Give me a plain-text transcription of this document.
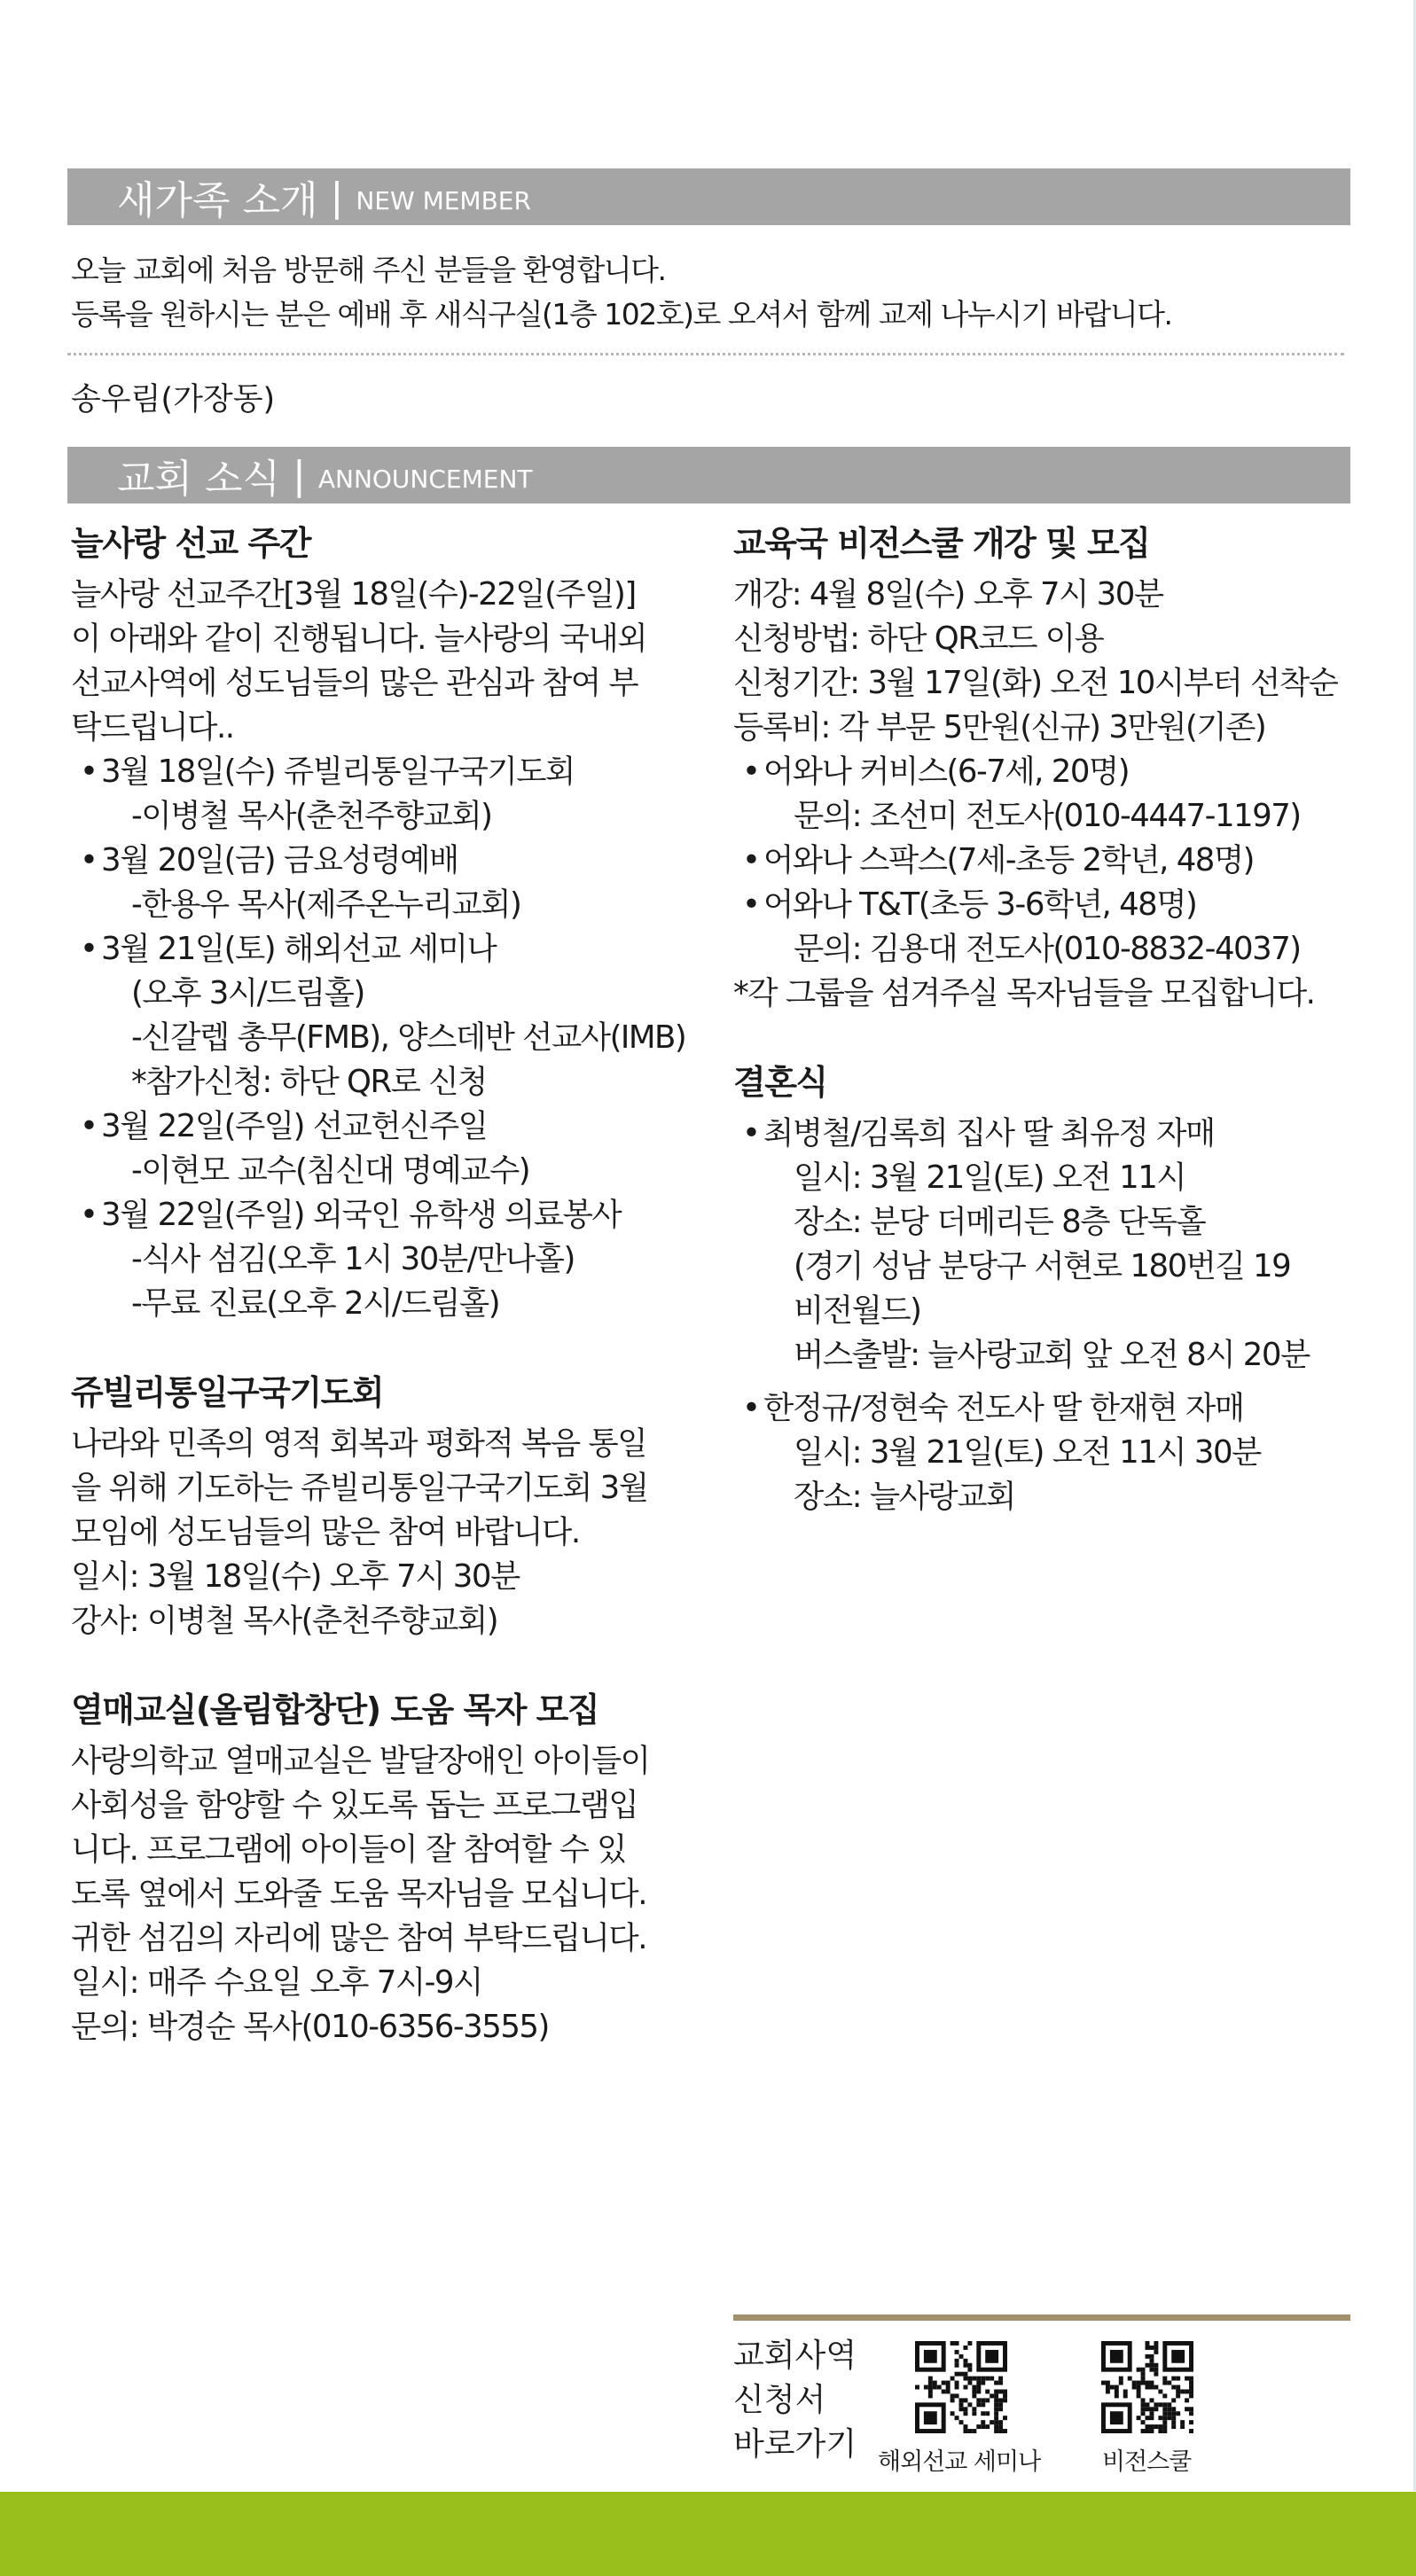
새가족 소개 | NEW MEMBER
오늘 교회에 처음 방문해 주신 분들을 환영합니다.
등록을 원하시는 분은 예배 후 새식구실(1층 102호)로 오셔서 함께 교제 나누시기 바랍니다.
송우림(가장동)
교회 소식 | ANNOUNCEMENT
늘사랑 선교 주간
늘사랑 선교주간[3월 18일(수)-22일(주일)]
이 아래와 같이 진행됩니다. 늘사랑의 국내외
선교사역에 성도님들의 많은 관심과 참여 부
탁드립니다..
• 3월 18일(수) 쥬빌리통일구국기도회
-이병철 목사(춘천주향교회)
• 3월 20일(금) 금요성령예배
-한용우 목사(제주온누리교회)
• 3월 21일(토) 해외선교 세미나
(오후 3시/드림홀)
-신갈렙 총무(FMB), 양스데반 선교사(IMB)
*참가신청: 하단 QR로 신청
• 3월 22일(주일) 선교헌신주일
-이현모 교수(침신대 명예교수)
• 3월 22일(주일) 외국인 유학생 의료봉사
-식사 섬김(오후 1시 30분/만나홀)
-무료 진료(오후 2시/드림홀)
쥬빌리통일구국기도회
나라와 민족의 영적 회복과 평화적 복음 통일
을 위해 기도하는 쥬빌리통일구국기도회 3월
모임에 성도님들의 많은 참여 바랍니다.
일시: 3월 18일(수) 오후 7시 30분
강사: 이병철 목사(춘천주향교회)
열매교실(올림합창단) 도움 목자 모집
사랑의학교 열매교실은 발달장애인 아이들이
사회성을 함양할 수 있도록 돕는 프로그램입
니다. 프로그램에 아이들이 잘 참여할 수 있
도록 옆에서 도와줄 도움 목자님을 모십니다.
귀한 섬김의 자리에 많은 참여 부탁드립니다.
일시: 매주 수요일 오후 7시-9시
문의: 박경순 목사(010-6356-3555)
교육국 비전스쿨 개강 및 모집
개강: 4월 8일(수) 오후 7시 30분
신청방법: 하단 QR코드 이용
신청기간: 3월 17일(화) 오전 10시부터 선착순
등록비: 각 부문 5만원(신규) 3만원(기존)
• 어와나 커비스(6-7세, 20명)
문의: 조선미 전도사(010-4447-1197)
• 어와나 스팍스(7세-초등 2학년, 48명)
• 어와나 T&T(초등 3-6학년, 48명)
문의: 김용대 전도사(010-8832-4037)
*각 그룹을 섬겨주실 목자님들을 모집합니다.
결혼식
• 최병철/김록희 집사 딸 최유정 자매
일시: 3월 21일(토) 오전 11시
장소: 분당 더메리든 8층 단독홀
(경기 성남 분당구 서현로 180번길 19
비전월드)
버스출발: 늘사랑교회 앞 오전 8시 20분
• 한정규/정현숙 전도사 딸 한재현 자매
일시: 3월 21일(토) 오전 11시 30분
장소: 늘사랑교회
교회사역
신청서
바로가기 해외선교 세미나	비전스쿨
